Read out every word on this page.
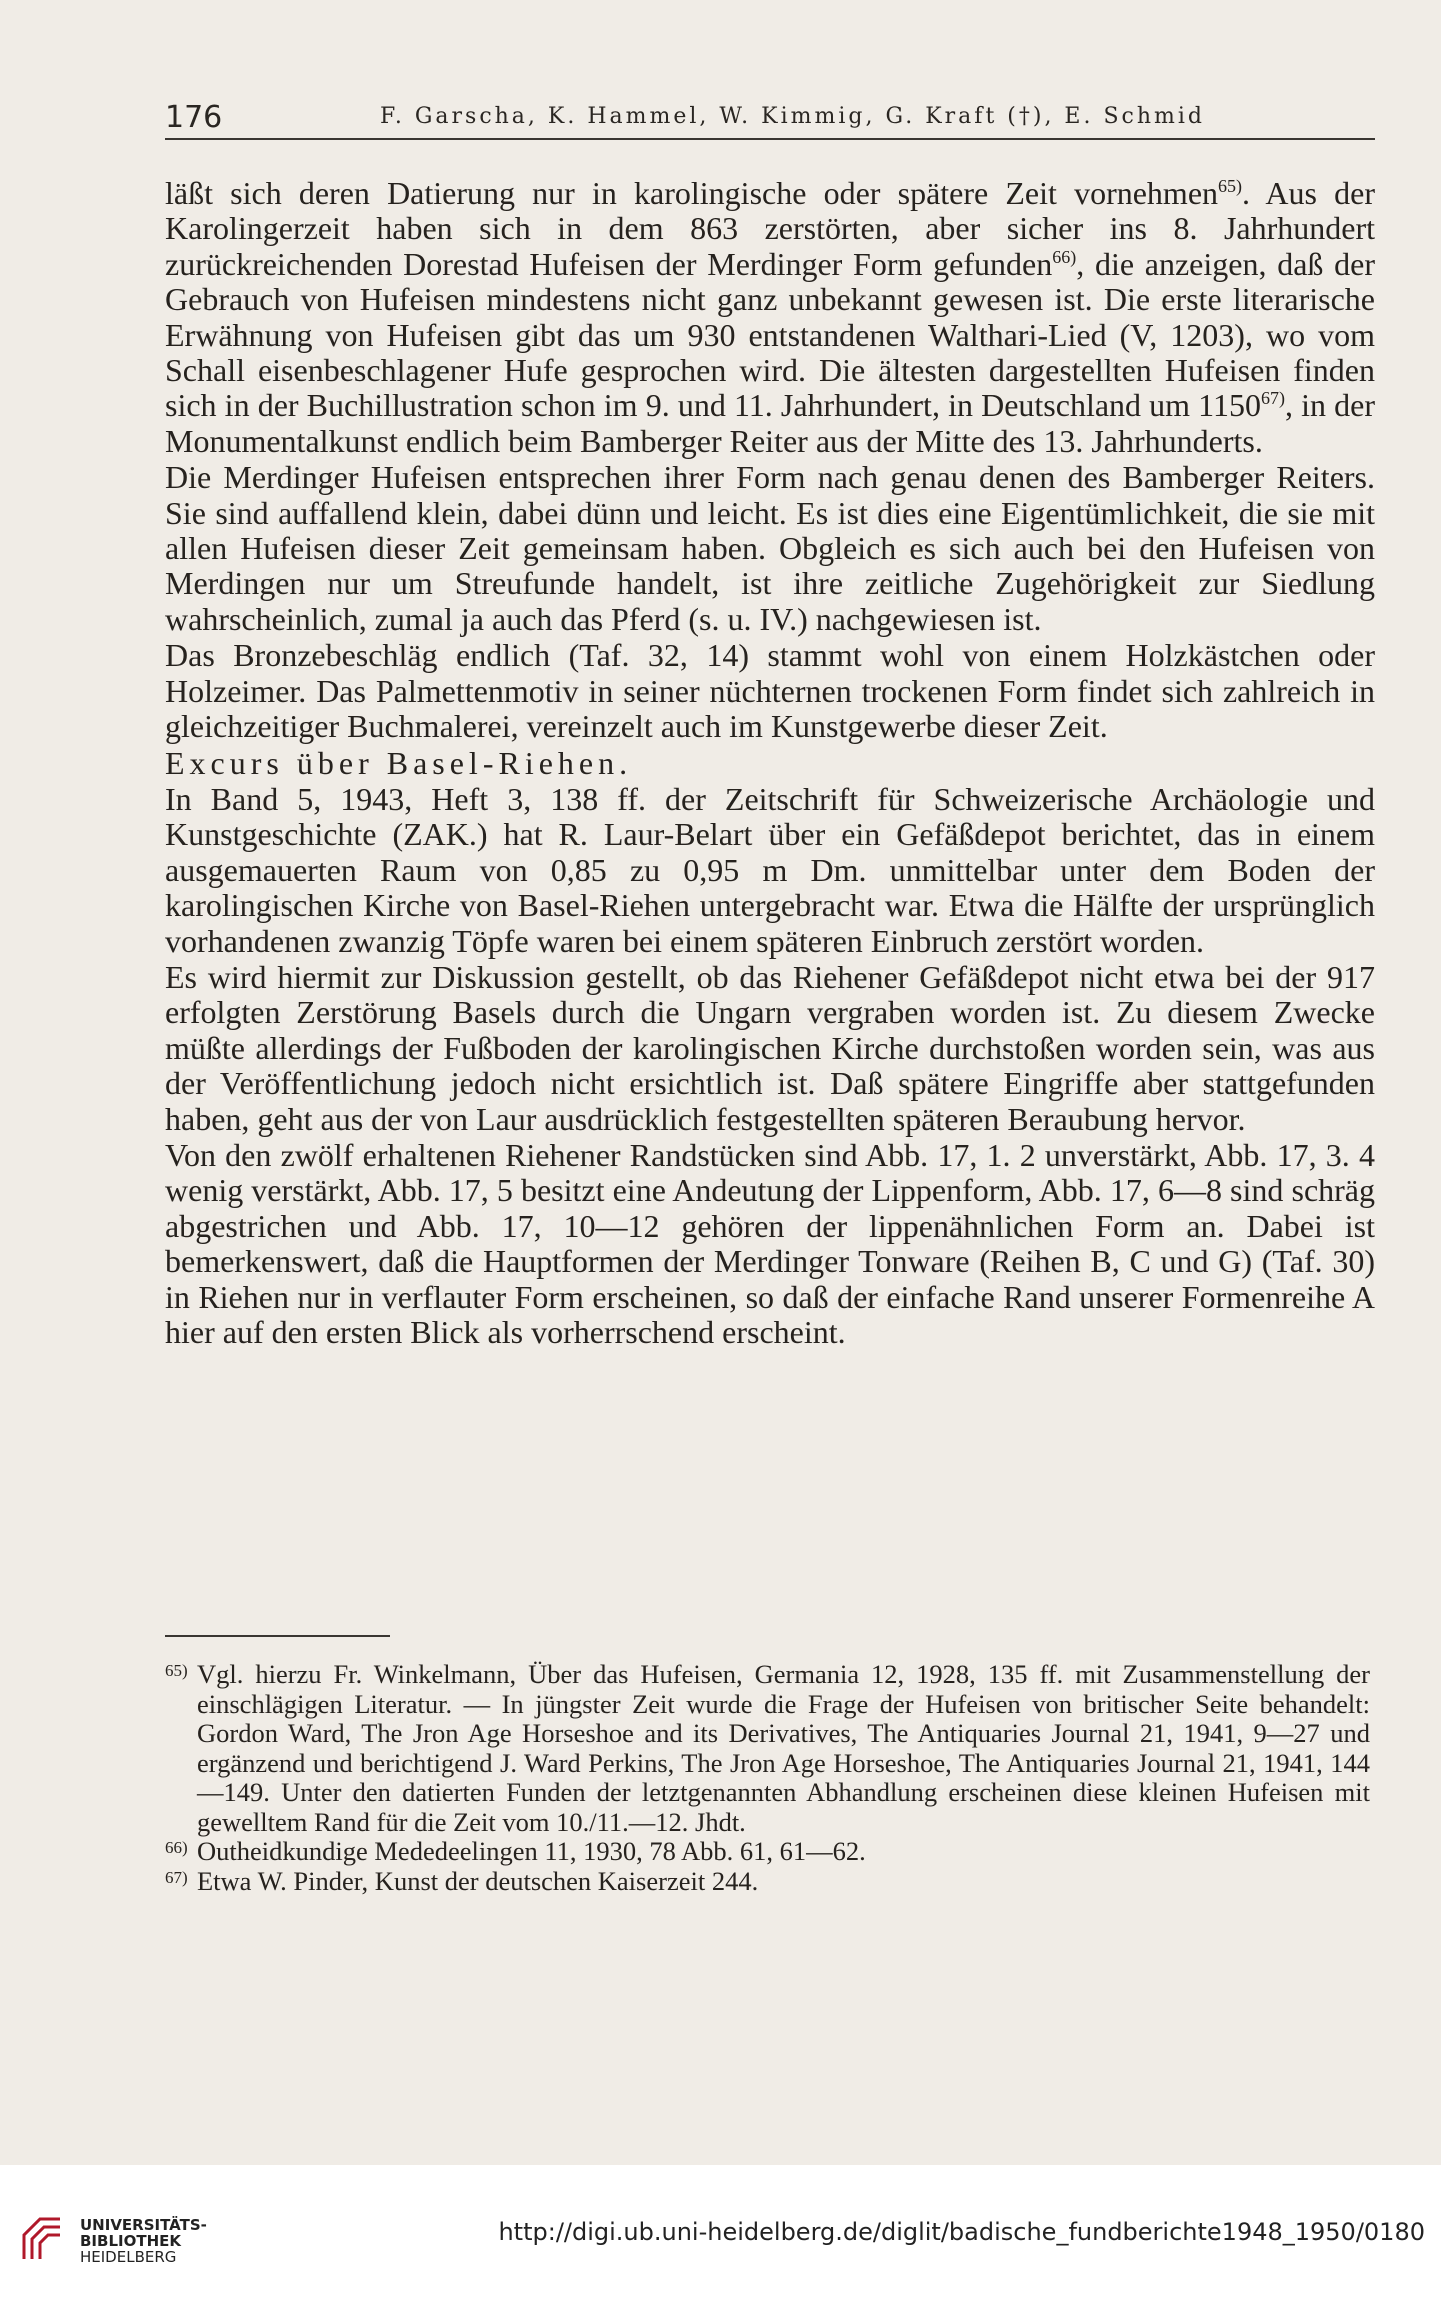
176	F. Garscha, K. Hammel, W. Kimmig, G. Kraft (†), E. Schmid

läßt sich deren Datierung nur in karolingische oder spätere Zeit vornehmen$^{65)}$. Aus der Karolingerzeit haben sich in dem 863 zerstörten, aber sicher ins 8. Jahrhundert zurückreichenden Dorestad Hufeisen der Merdinger Form gefunden$^{66)}$, die anzeigen, daß der Gebrauch von Hufeisen mindestens nicht ganz unbekannt gewesen ist. Die erste literarische Erwähnung von Hufeisen gibt das um 930 entstandenen Walthari-Lied (V, 1203), wo vom Schall eisenbeschlagener Hufe gesprochen wird. Die ältesten dargestellten Hufeisen finden sich in der Buchillustration schon im 9. und 11. Jahrhundert, in Deutschland um 1150$^{67)}$, in der Monumentalkunst endlich beim Bamberger Reiter aus der Mitte des 13. Jahrhunderts.

Die Merdinger Hufeisen entsprechen ihrer Form nach genau denen des Bamberger Reiters. Sie sind auffallend klein, dabei dünn und leicht. Es ist dies eine Eigentümlichkeit, die sie mit allen Hufeisen dieser Zeit gemeinsam haben. Obgleich es sich auch bei den Hufeisen von Merdingen nur um Streufunde handelt, ist ihre zeitliche Zugehörigkeit zur Siedlung wahrscheinlich, zumal ja auch das Pferd (s. u. IV.) nachgewiesen ist.

Das Bronzebeschläg endlich (Taf. 32, 14) stammt wohl von einem Holzkästchen oder Holzeimer. Das Palmettenmotiv in seiner nüchternen trockenen Form findet sich zahlreich in gleichzeitiger Buchmalerei, vereinzelt auch im Kunstgewerbe dieser Zeit.

Excurs über Basel-Riehen.

In Band 5, 1943, Heft 3, 138 ff. der Zeitschrift für Schweizerische Archäologie und Kunstgeschichte (ZAK.) hat R. Laur-Belart über ein Gefäßdepot berichtet, das in einem ausgemauerten Raum von 0,85 zu 0,95 m Dm. unmittelbar unter dem Boden der karolingischen Kirche von Basel-Riehen untergebracht war. Etwa die Hälfte der ursprünglich vorhandenen zwanzig Töpfe waren bei einem späteren Einbruch zerstört worden.

Es wird hiermit zur Diskussion gestellt, ob das Riehener Gefäßdepot nicht etwa bei der 917 erfolgten Zerstörung Basels durch die Ungarn vergraben worden ist. Zu diesem Zwecke müßte allerdings der Fußboden der karolingischen Kirche durchstoßen worden sein, was aus der Veröffentlichung jedoch nicht ersichtlich ist. Daß spätere Eingriffe aber stattgefunden haben, geht aus der von Laur ausdrücklich festgestellten späteren Beraubung hervor.

Von den zwölf erhaltenen Riehener Randstücken sind Abb. 17, 1. 2 unverstärkt, Abb. 17, 3. 4 wenig verstärkt, Abb. 17, 5 besitzt eine Andeutung der Lippenform, Abb. 17, 6—8 sind schräg abgestrichen und Abb. 17, 10—12 gehören der lippenähnlichen Form an. Dabei ist bemerkenswert, daß die Hauptformen der Merdinger Tonware (Reihen B, C und G) (Taf. 30) in Riehen nur in verflauter Form erscheinen, so daß der einfache Rand unserer Formenreihe A hier auf den ersten Blick als vorherrschend erscheint.

65) Vgl. hierzu Fr. Winkelmann, Über das Hufeisen, Germania 12, 1928, 135 ff. mit Zusammenstellung der einschlägigen Literatur. — In jüngster Zeit wurde die Frage der Hufeisen von britischer Seite behandelt: Gordon Ward, The Jron Age Horseshoe and its Derivatives, The Antiquaries Journal 21, 1941, 9—27 und ergänzend und berichtigend J. Ward Perkins, The Jron Age Horseshoe, The Antiquaries Journal 21, 1941, 144—149. Unter den datierten Funden der letztgenannten Abhandlung erscheinen diese kleinen Hufeisen mit gewelltem Rand für die Zeit vom 10./11.—12. Jhdt.
66) Outheidkundige Mededeelingen 11, 1930, 78 Abb. 61, 61—62.
67) Etwa W. Pinder, Kunst der deutschen Kaiserzeit 244.
UNIVERSITÄTS-
BIBLIOTHEK
HEIDELBERG
http://digi.ub.uni-heidelberg.de/diglit/badische_fundberichte1948_1950/0180
